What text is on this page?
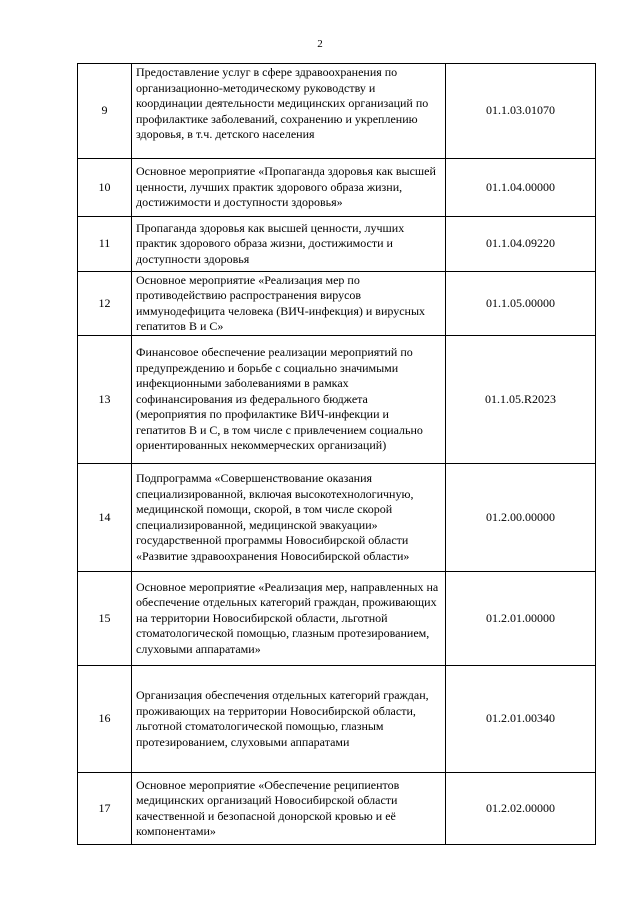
2
9	Предоставление услуг в сфере здравоохранения по организационно-методическому руководству и координации деятельности медицинских организаций по профилактике заболеваний, сохранению и укреплению здоровья, в т.ч. детского населения	01.1.03.01070
10	Основное мероприятие «Пропаганда здоровья как высшей ценности, лучших практик здорового образа жизни, достижимости и доступности здоровья»	01.1.04.00000
11	Пропаганда здоровья как высшей ценности, лучших практик здорового образа жизни, достижимости и доступности здоровья	01.1.04.09220
12	Основное мероприятие «Реализация мер по противодействию распространения вирусов иммунодефицита человека (ВИЧ-инфекция) и вирусных гепатитов В и С»	01.1.05.00000
13	Финансовое обеспечение реализации мероприятий по предупреждению и борьбе с социально значимыми инфекционными заболеваниями в рамках софинансирования из федерального бюджета (мероприятия по профилактике ВИЧ-инфекции и гепатитов В и С, в том числе с привлечением социально ориентированных некоммерческих организаций)	01.1.05.R2023
14	Подпрограмма «Совершенствование оказания специализированной, включая высокотехнологичную, медицинской помощи, скорой, в том числе скорой специализированной, медицинской эвакуации» государственной программы Новосибирской области «Развитие здравоохранения Новосибирской области»	01.2.00.00000
15	Основное мероприятие «Реализация мер, направленных на обеспечение отдельных категорий граждан, проживающих на территории Новосибирской области, льготной стоматологической помощью, глазным протезированием, слуховыми аппаратами»	01.2.01.00000
16	Организация обеспечения отдельных категорий граждан, проживающих на территории Новосибирской области, льготной стоматологической помощью, глазным протезированием, слуховыми аппаратами	01.2.01.00340
17	Основное мероприятие «Обеспечение реципиентов медицинских организаций Новосибирской области качественной и безопасной донорской кровью и её компонентами»	01.2.02.00000
